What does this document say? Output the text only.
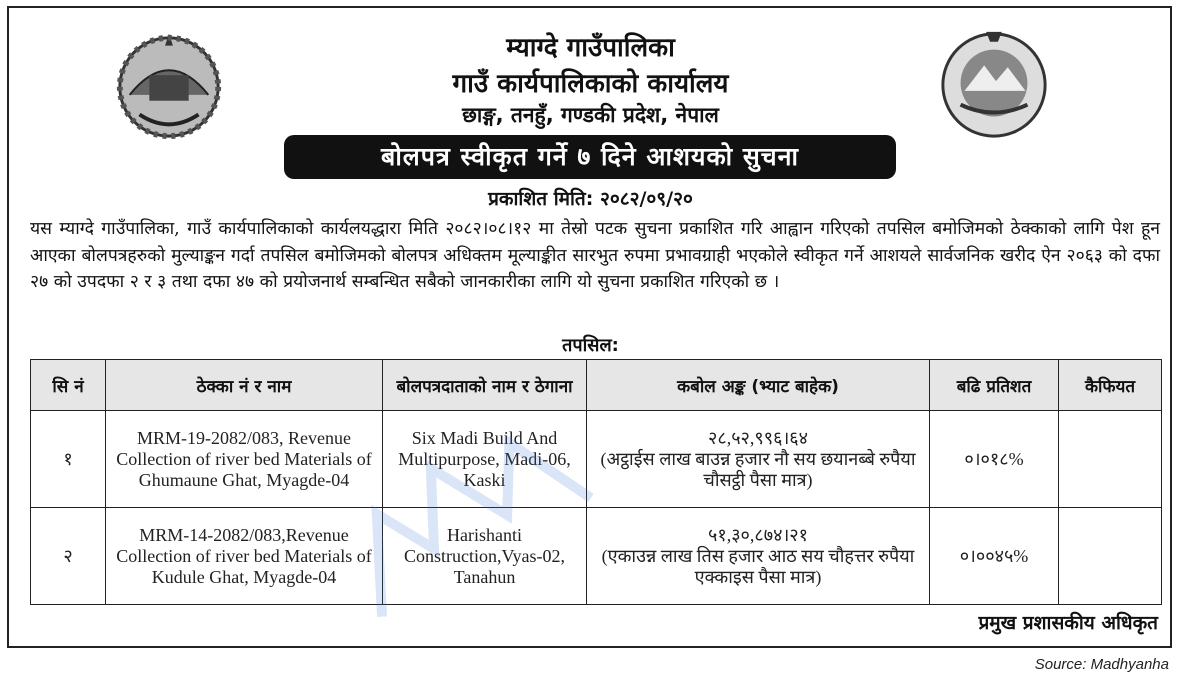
म्याग्दे गाउँपालिका
गाउँ कार्यपालिकाको कार्यालय
छाङ्ग, तनहुँ, गण्डकी प्रदेश, नेपाल
बोलपत्र स्वीकृत गर्ने ७ दिने आशयको सुचना
प्रकाशित मिति: २०८२/०९/२०
यस म्याग्दे गाउँपालिका, गाउँ कार्यपालिकाको कार्यलयद्धारा मिति २०८२।०८।१२ मा तेस्रो पटक सुचना प्रकाशित गरि आह्वान गरिएको तपसिल बमोजिमको ठेक्काको लागि पेश हून आएका बोलपत्रहरुको मुल्याङ्कन गर्दा तपसिल बमोजिमको बोलपत्र अधिक्तम मूल्याङ्कीत सारभुत रुपमा प्रभावग्राही भएकोले स्वीकृत गर्ने आशयले सार्वजनिक खरीद ऐन २०६३ को दफा २७ को उपदफा २ र ३ तथा दफा ४७ को प्रयोजनार्थ सम्बन्धित सबैको जानकारीका लागि यो सुचना प्रकाशित गरिएको छ ।
तपसिल:
सि नं	ठेक्का नं र नाम	बोलपत्रदाताको नाम र ठेगाना	कबोल अङ्क (भ्याट बाहेक)	बढि प्रतिशत	कैफियत
१	MRM-19-2082/083, Revenue Collection of river bed Materials of Ghumaune Ghat, Myagde-04	Six Madi Build And Multipurpose, Madi-06, Kaski	२८,५२,९९६।६४
(अट्ठाईस लाख बाउन्न हजार नौ सय छयानब्बे रुपैया चौसट्ठी पैसा मात्र)	०।०१८%	
२	MRM-14-2082/083,Revenue Collection of river bed Materials of Kudule Ghat, Myagde-04	Harishanti Construction,Vyas-02, Tanahun	५१,३०,८७४।२१
(एकाउन्न लाख तिस हजार आठ सय चौहत्तर रुपैया एक्काइस पैसा मात्र)	०।००४५%	
प्रमुख प्रशासकीय अधिकृत
Source: Madhyanha
